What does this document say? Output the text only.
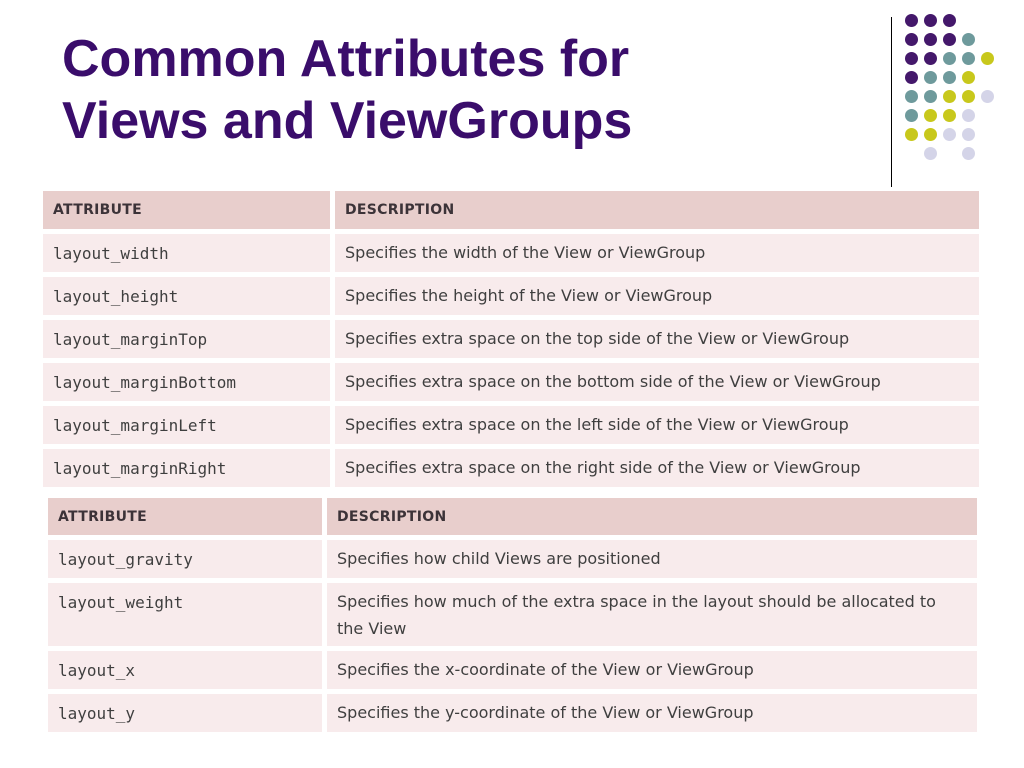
Common Attributes for
Views and ViewGroups
ATTRIBUTE	DESCRIPTION
layout_width	Specifies the width of the View or ViewGroup
layout_height	Specifies the height of the View or ViewGroup
layout_marginTop	Specifies extra space on the top side of the View or ViewGroup
layout_marginBottom	Specifies extra space on the bottom side of the View or ViewGroup
layout_marginLeft	Specifies extra space on the left side of the View or ViewGroup
layout_marginRight	Specifies extra space on the right side of the View or ViewGroup
ATTRIBUTE	DESCRIPTION
layout_gravity	Specifies how child Views are positioned
layout_weight	Specifies how much of the extra space in the layout should be allocated to the View
layout_x	Specifies the x-coordinate of the View or ViewGroup
layout_y	Specifies the y-coordinate of the View or ViewGroup
